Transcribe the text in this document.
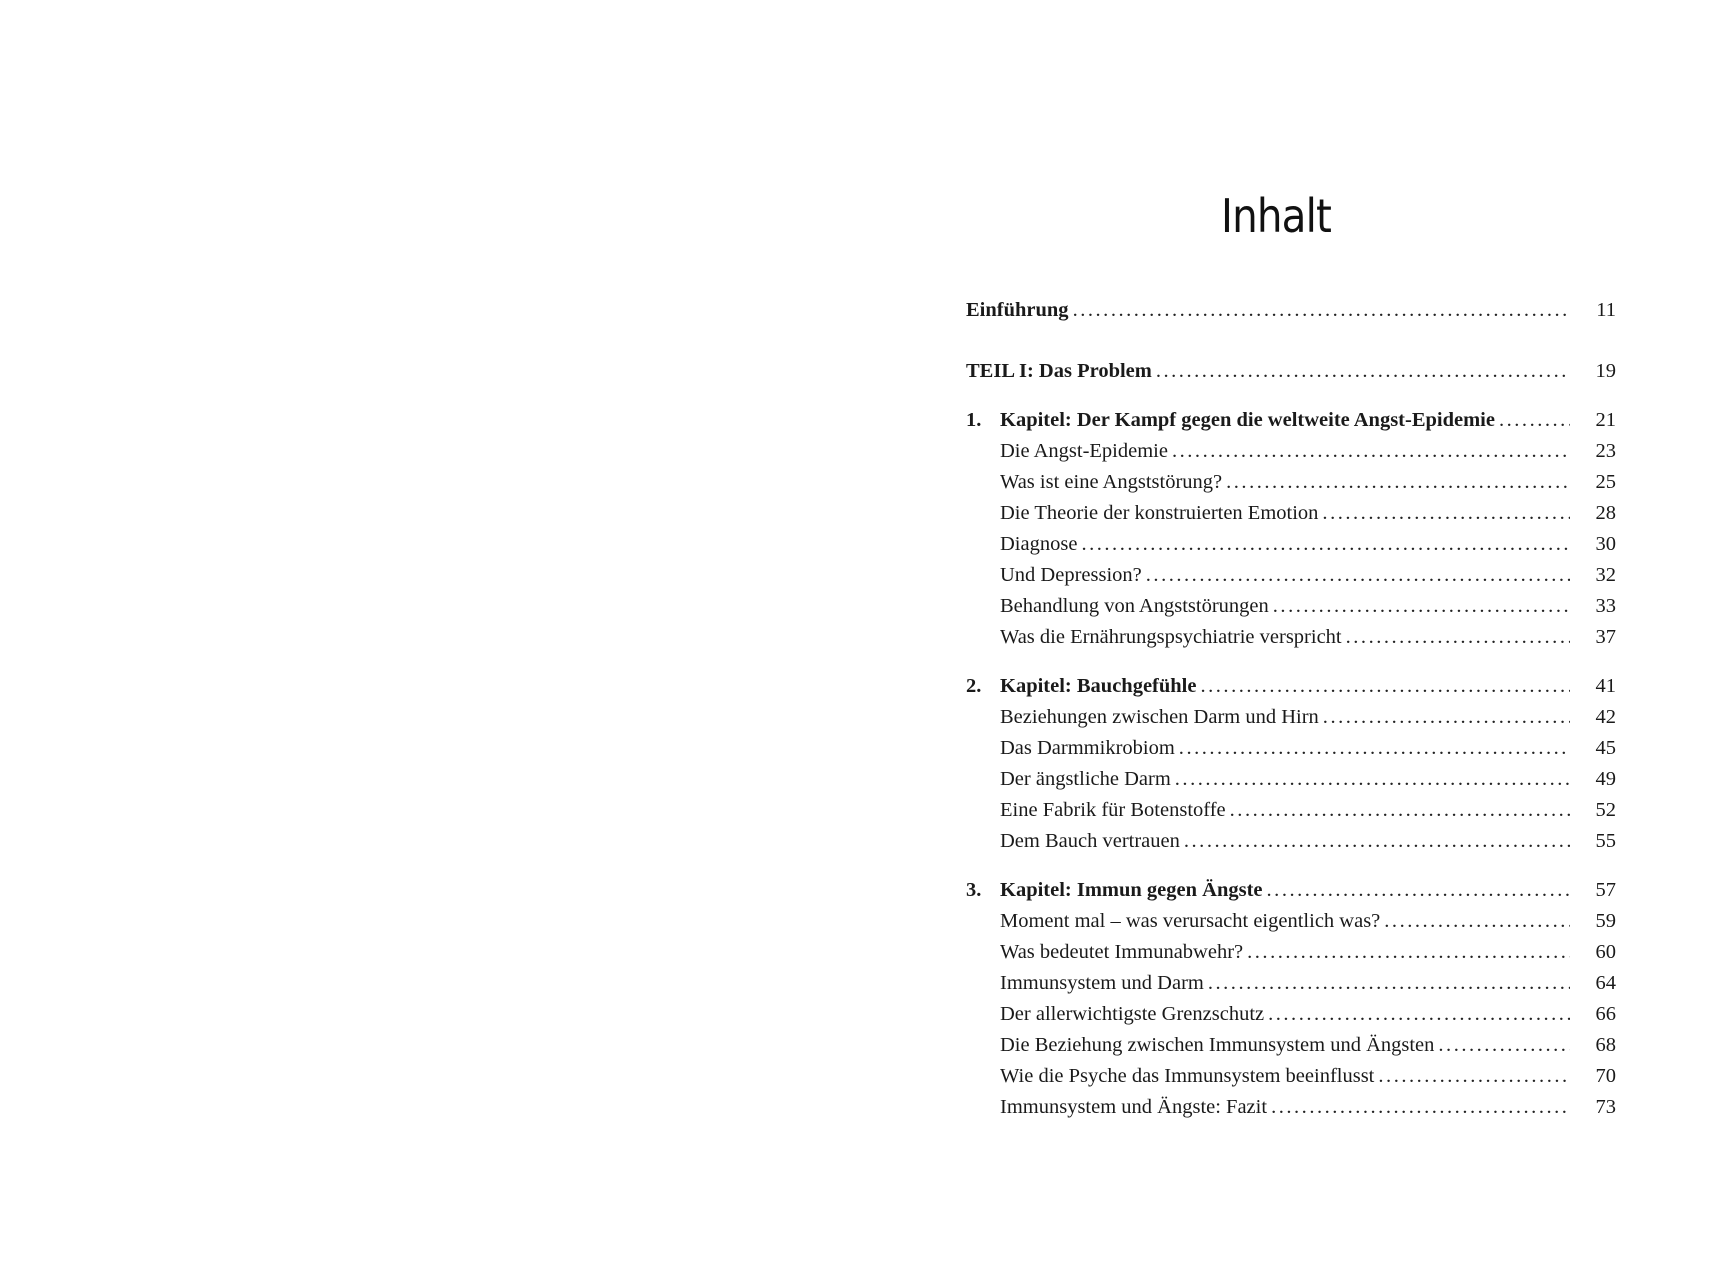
Inhalt
Einführung . . .	11
TEIL I: Das Problem . . .	19
1. Kapitel: Der Kampf gegen die weltweite Angst-Epidemie . . .	21
Die Angst-Epidemie . . .	23
Was ist eine Angststörung? . . .	25
Die Theorie der konstruierten Emotion . . .	28
Diagnose . . .	30
Und Depression? . . .	32
Behandlung von Angststörungen . . .	33
Was die Ernährungspsychiatrie verspricht . . .	37
2. Kapitel: Bauchgefühle . . .	41
Beziehungen zwischen Darm und Hirn . . .	42
Das Darmmikrobiom . . .	45
Der ängstliche Darm . . .	49
Eine Fabrik für Botenstoffe . . .	52
Dem Bauch vertrauen . . .	55
3. Kapitel: Immun gegen Ängste . . .	57
Moment mal – was verursacht eigentlich was? . . .	59
Was bedeutet Immunabwehr? . . .	60
Immunsystem und Darm . . .	64
Der allerwichtigste Grenzschutz . . .	66
Die Beziehung zwischen Immunsystem und Ängsten . . .	68
Wie die Psyche das Immunsystem beeinflusst . . .	70
Immunsystem und Ängste: Fazit . . .	73
